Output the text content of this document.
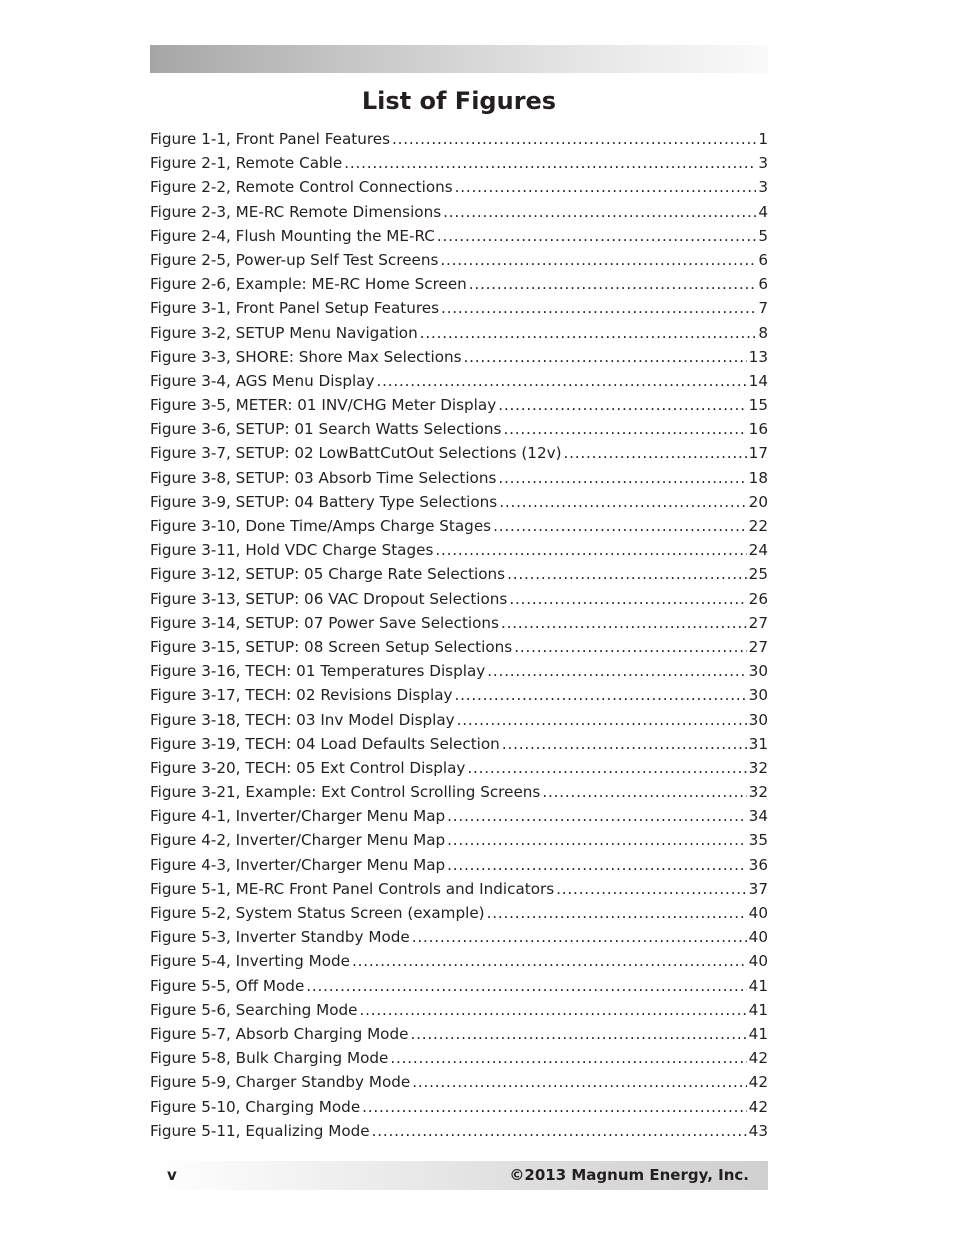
List of Figures
Figure 1-1, Front Panel Features .....	1
Figure 2-1, Remote Cable .....	3
Figure 2-2, Remote Control Connections .....	3
Figure 2-3, ME-RC Remote Dimensions .....	4
Figure 2-4, Flush Mounting the ME-RC .....	5
Figure 2-5, Power-up Self Test Screens .....	6
Figure 2-6, Example: ME-RC Home Screen .....	6
Figure 3-1, Front Panel Setup Features .....	7
Figure 3-2, SETUP Menu Navigation .....	8
Figure 3-3, SHORE: Shore Max Selections .....	13
Figure 3-4, AGS Menu Display .....	14
Figure 3-5, METER: 01 INV/CHG Meter Display .....	15
Figure 3-6, SETUP: 01 Search Watts Selections .....	16
Figure 3-7, SETUP: 02 LowBattCutOut Selections (12v) .....	17
Figure 3-8, SETUP: 03 Absorb Time Selections .....	18
Figure 3-9, SETUP: 04 Battery Type Selections .....	20
Figure 3-10, Done Time/Amps Charge Stages .....	22
Figure 3-11, Hold VDC Charge Stages .....	24
Figure 3-12, SETUP: 05 Charge Rate Selections .....	25
Figure 3-13, SETUP: 06 VAC Dropout Selections .....	26
Figure 3-14, SETUP: 07 Power Save Selections .....	27
Figure 3-15, SETUP: 08 Screen Setup Selections .....	27
Figure 3-16, TECH: 01 Temperatures Display .....	30
Figure 3-17, TECH: 02 Revisions Display .....	30
Figure 3-18, TECH: 03 Inv Model Display .....	30
Figure 3-19, TECH: 04 Load Defaults Selection .....	31
Figure 3-20, TECH: 05 Ext Control Display .....	32
Figure 3-21, Example: Ext Control Scrolling Screens .....	32
Figure 4-1, Inverter/Charger Menu Map .....	34
Figure 4-2, Inverter/Charger Menu Map .....	35
Figure 4-3, Inverter/Charger Menu Map .....	36
Figure 5-1, ME-RC Front Panel Controls and Indicators .....	37
Figure 5-2, System Status Screen (example) .....	40
Figure 5-3, Inverter Standby Mode .....	40
Figure 5-4, Inverting Mode .....	40
Figure 5-5, Off Mode .....	41
Figure 5-6, Searching Mode .....	41
Figure 5-7, Absorb Charging Mode .....	41
Figure 5-8, Bulk Charging Mode .....	42
Figure 5-9, Charger Standby Mode .....	42
Figure 5-10, Charging Mode .....	42
Figure 5-11, Equalizing Mode .....	43
v	©2013 Magnum Energy, Inc.
